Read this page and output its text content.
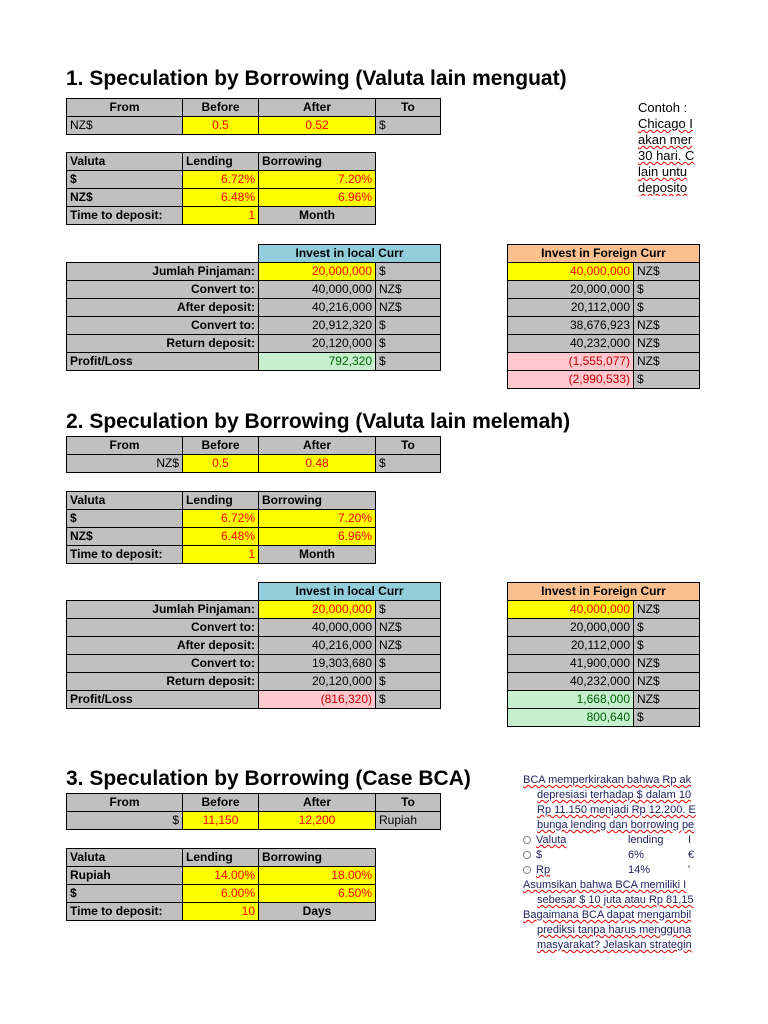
1. Speculation by Borrowing (Valuta lain menguat)
From	Before	After	To
NZ$	0.5	0.52	$
Valuta	Lending	Borrowing
$	6.72%	7.20%
NZ$	6.48%	6.96%
Time to deposit:	1	Month
Invest in local Curr
Jumlah Pinjaman:	20,000,000 $
Convert to:	40,000,000 NZ$
After deposit:	40,216,000 NZ$
Convert to:	20,912,320 $
Return deposit:	20,120,000 $
Profit/Loss	792,320 $
Invest in Foreign Curr
40,000,000 NZ$
20,000,000 $
20,112,000 $
38,676,923 NZ$
40,232,000 NZ$
(1,555,077) NZ$
(2,990,533) $
Contoh :
Chicago I
akan mer
30 hari. C
lain untu
deposito
2. Speculation by Borrowing (Valuta lain melemah)
From	Before	After	To
NZ$	0.5	0.48	$
Valuta	Lending	Borrowing
$	6.72%	7.20%
NZ$	6.48%	6.96%
Time to deposit:	1	Month
Invest in local Curr
Jumlah Pinjaman:	20,000,000 $
Convert to:	40,000,000 NZ$
After deposit:	40,216,000 NZ$
Convert to:	19,303,680 $
Return deposit:	20,120,000 $
Profit/Loss	(816,320) $
Invest in Foreign Curr
40,000,000 NZ$
20,000,000 $
20,112,000 $
41,900,000 NZ$
40,232,000 NZ$
1,668,000 NZ$
800,640 $
3. Speculation by Borrowing (Case BCA)
From	Before	After	To
$	11,150	12,200	Rupiah
Valuta	Lending	Borrowing
Rupiah	14.00%	18.00%
$	6.00%	6.50%
Time to deposit:	10	Days
BCA memperkirakan bahwa Rp ak
depresiasi terhadap $ dalam 10
Rp 11.150 menjadi Rp 12.200. E
bunga lending dan borrowing pe
Valuta	lending	I
$	6%	€
Rp	14%	'
Asumsikan bahwa BCA memiliki I
sebesar $ 10 juta atau Rp 81,15
Bagaimana BCA dapat mengambil
prediksi tanpa harus mengguna
masyarakat? Jelaskan strategin
